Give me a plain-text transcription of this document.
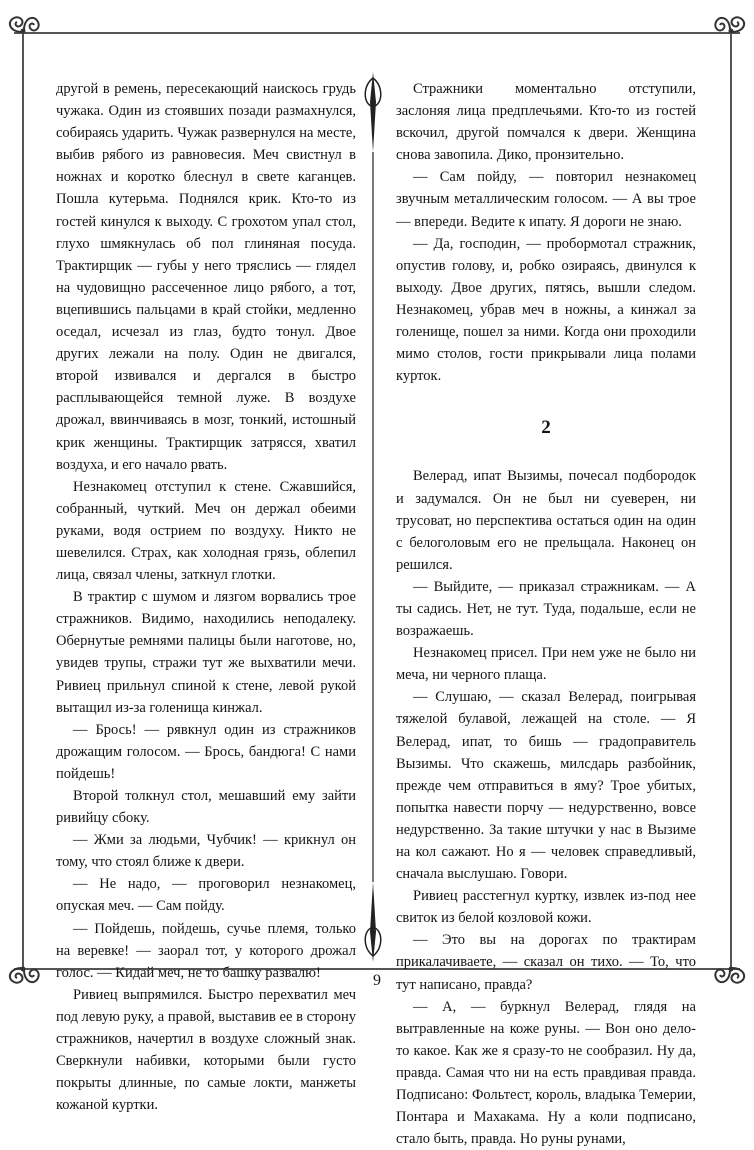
другой в ремень, пересекающий наискось грудь чужака. Один из стоявших позади размахнулся, собираясь ударить. Чужак развернулся на месте, выбив рябого из равновесия. Меч свистнул в ножнах и коротко блеснул в свете каганцев. Пошла кутерьма. Поднялся крик. Кто-то из гостей кинулся к выходу. С грохотом упал стол, глухо шмякнулась об пол глиняная посуда. Трактирщик — губы у него тряслись — глядел на чудовищно рассеченное лицо рябого, а тот, вцепившись пальцами в край стойки, медленно оседал, исчезал из глаз, будто тонул. Двое других лежали на полу. Один не двигался, второй извивался и дергался в быстро расплывающейся темной луже. В воздухе дрожал, ввинчиваясь в мозг, тонкий, истошный крик женщины. Трактирщик затрясся, хватил воздуха, и его начало рвать.

Незнакомец отступил к стене. Сжавшийся, собранный, чуткий. Меч он держал обеими руками, водя острием по воздуху. Никто не шевелился. Страх, как холодная грязь, облепил лица, связал члены, заткнул глотки.

В трактир с шумом и лязгом ворвались трое стражников. Видимо, находились неподалеку. Обернутые ремнями палицы были наготове, но, увидев трупы, стражи тут же выхватили мечи. Ривиец прильнул спиной к стене, левой рукой вытащил из-за голенища кинжал.

— Брось! — рявкнул один из стражников дрожащим голосом. — Брось, бандюга! С нами пойдешь!

Второй толкнул стол, мешавший ему зайти ривийцу сбоку.

— Жми за людьми, Чубчик! — крикнул он тому, что стоял ближе к двери.

— Не надо, — проговорил незнакомец, опуская меч. — Сам пойду.

— Пойдешь, пойдешь, сучье племя, только на веревке! — заорал тот, у которого дрожал голос. — Кидай меч, не то башку развалю!

Ривиец выпрямился. Быстро перехватил меч под левую руку, а правой, выставив ее в сторону стражников, начертил в воздухе сложный знак. Сверкнули набивки, которыми были густо покрыты длинные, по самые локти, манжеты кожаной куртки.

Стражники моментально отступили, заслоняя лица предплечьями. Кто-то из гостей вскочил, другой помчался к двери. Женщина снова завопила. Дико, пронзительно.

— Сам пойду, — повторил незнакомец звучным металлическим голосом. — А вы трое — впереди. Ведите к ипату. Я дороги не знаю.

— Да, господин, — пробормотал стражник, опустив голову, и, робко озираясь, двинулся к выходу. Двое других, пятясь, вышли следом. Незнакомец, убрав меч в ножны, а кинжал за голенище, пошел за ними. Когда они проходили мимо столов, гости прикрывали лица полами курток.

2

Велерад, ипат Вызимы, почесал подбородок и задумался. Он не был ни суеверен, ни трусоват, но перспектива остаться один на один с белоголовым его не прельщала. Наконец он решился.

— Выйдите, — приказал стражникам. — А ты садись. Нет, не тут. Туда, подальше, если не возражаешь.

Незнакомец присел. При нем уже не было ни меча, ни черного плаща.

— Слушаю, — сказал Велерад, поигрывая тяжелой булавой, лежащей на столе. — Я Велерад, ипат, то бишь — градоправитель Вызимы. Что скажешь, милсдарь разбойник, прежде чем отправиться в яму? Трое убитых, попытка навести порчу — недурственно, вовсе недурственно. За такие штучки у нас в Вызиме на кол сажают. Но я — человек справедливый, сначала выслушаю. Говори.

Ривиец расстегнул куртку, извлек из-под нее свиток из белой козловой кожи.

— Это вы на дорогах по трактирам прикалачиваете, — сказал он тихо. — То, что тут написано, правда?

— А, — буркнул Велерад, глядя на вытравленные на коже руны. — Вон оно дело-то какое. Как же я сразу-то не сообразил. Ну да, правда. Самая что ни на есть правдивая правда. Подписано: Фольтест, король, владыка Темерии, Понтара и Махакама. Ну а коли подписано, стало быть, правда. Но руны рунами,

9
